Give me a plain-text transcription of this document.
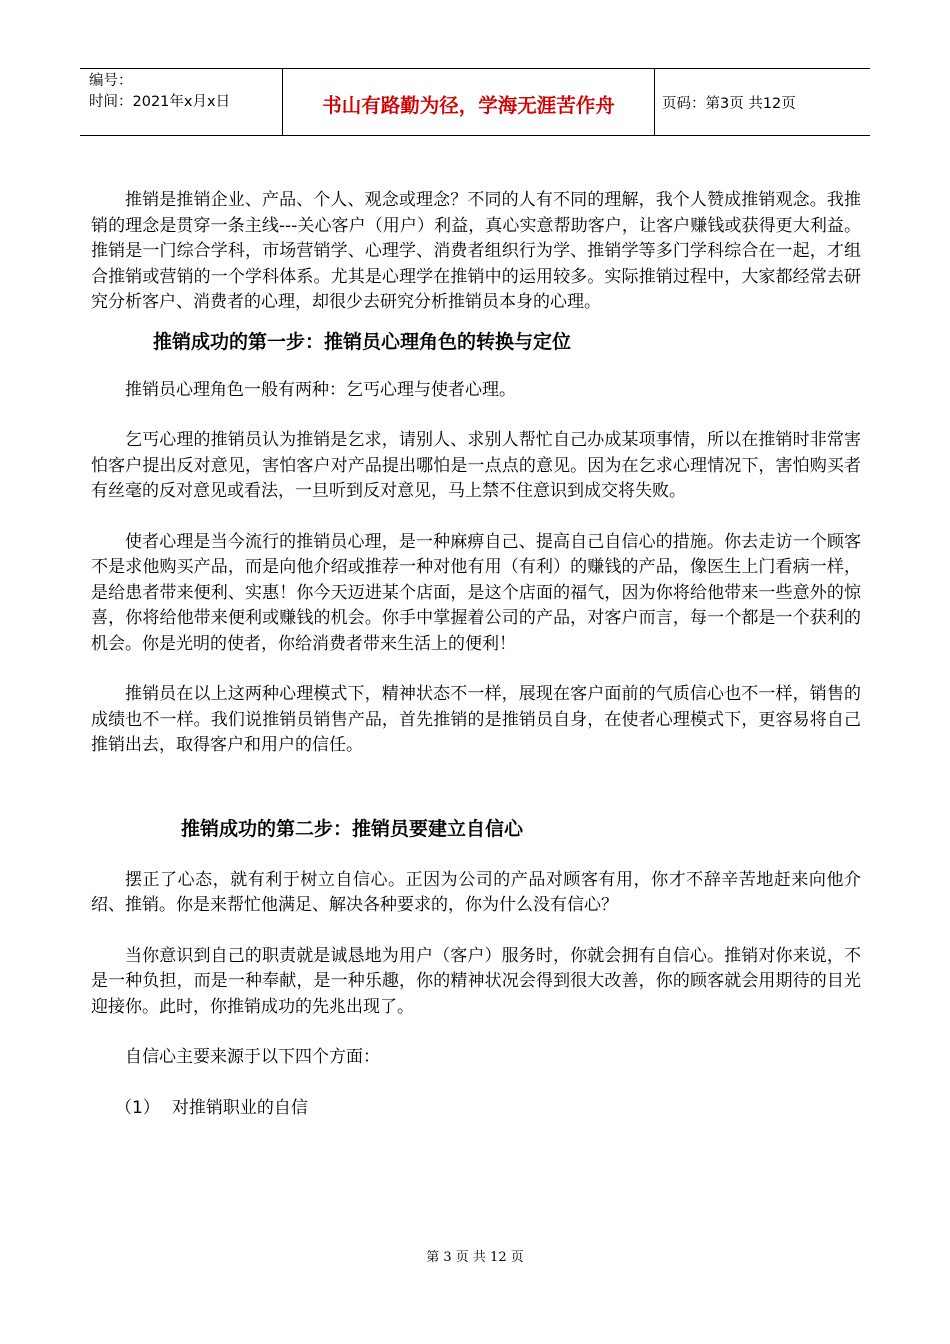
编号：
时间：2021年x月x日	书山有路勤为径，学海无涯苦作舟	页码：第3页 共12页

推销是推销企业、产品、个人、观念或理念？不同的人有不同的理解，我个人赞成推销观念。我推销的理念是贯穿一条主线---关心客户（用户）利益，真心实意帮助客户，让客户赚钱或获得更大利益。推销是一门综合学科，市场营销学、心理学、消费者组织行为学、推销学等多门学科综合在一起，才组合推销或营销的一个学科体系。尤其是心理学在推销中的运用较多。实际推销过程中，大家都经常去研究分析客户、消费者的心理，却很少去研究分析推销员本身的心理。

推销成功的第一步：推销员心理角色的转换与定位

推销员心理角色一般有两种：乞丐心理与使者心理。

乞丐心理的推销员认为推销是乞求，请别人、求别人帮忙自己办成某项事情，所以在推销时非常害怕客户提出反对意见，害怕客户对产品提出哪怕是一点点的意见。因为在乞求心理情况下，害怕购买者有丝毫的反对意见或看法，一旦听到反对意见，马上禁不住意识到成交将失败。

使者心理是当今流行的推销员心理，是一种麻痹自己、提高自己自信心的措施。你去走访一个顾客不是求他购买产品，而是向他介绍或推荐一种对他有用（有利）的赚钱的产品，像医生上门看病一样，是给患者带来便利、实惠！你今天迈进某个店面，是这个店面的福气，因为你将给他带来一些意外的惊喜，你将给他带来便利或赚钱的机会。你手中掌握着公司的产品，对客户而言，每一个都是一个获利的机会。你是光明的使者，你给消费者带来生活上的便利！

推销员在以上这两种心理模式下，精神状态不一样，展现在客户面前的气质信心也不一样，销售的成绩也不一样。我们说推销员销售产品，首先推销的是推销员自身，在使者心理模式下，更容易将自己推销出去，取得客户和用户的信任。

推销成功的第二步：推销员要建立自信心

摆正了心态，就有利于树立自信心。正因为公司的产品对顾客有用，你才不辞辛苦地赶来向他介绍、推销。你是来帮忙他满足、解决各种要求的，你为什么没有信心？

当你意识到自己的职责就是诚恳地为用户（客户）服务时，你就会拥有自信心。推销对你来说，不是一种负担，而是一种奉献，是一种乐趣，你的精神状况会得到很大改善，你的顾客就会用期待的目光迎接你。此时，你推销成功的先兆出现了。

自信心主要来源于以下四个方面：

（1） 对推销职业的自信
第 3 页 共 12 页
